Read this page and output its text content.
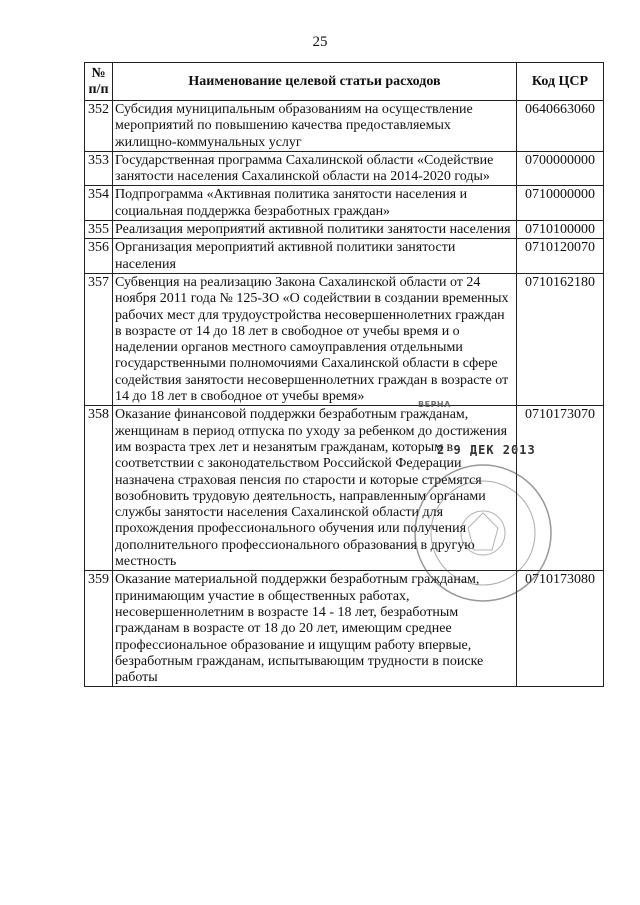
25
№ п/п	Наименование целевой статьи расходов	Код ЦСР
352	Субсидия муниципальным образованиям на осуществление мероприятий по повышению качества предоставляемых жилищно-коммунальных услуг	0640663060
353	Государственная программа Сахалинской области «Содействие занятости населения Сахалинской области на 2014-2020 годы»	0700000000
354	Подпрограмма «Активная политика занятости населения и социальная поддержка безработных граждан»	0710000000
355	Реализация мероприятий активной политики занятости населения	0710100000
356	Организация мероприятий активной политики занятости населения	0710120070
357	Субвенция на реализацию Закона Сахалинской области от 24 ноября 2011 года № 125-ЗО «О содействии в создании временных рабочих мест для трудоустройства несовершеннолетних граждан в возрасте от 14 до 18 лет в свободное от учебы время и о наделении органов местного самоуправления отдельными государственными полномочиями Сахалинской области в сфере содействия занятости несовершеннолетних граждан в возрасте от 14 до 18 лет в свободное от учебы время»	0710162180
358	Оказание финансовой поддержки безработным гражданам, женщинам в период отпуска по уходу за ребенком до достижения им возраста трех лет и незанятым гражданам, которым в соответствии с законодательством Российской Федерации назначена страховая пенсия по старости и которые стремятся возобновить трудовую деятельность, направленным органами службы занятости населения Сахалинской области для прохождения профессионального обучения или получения дополнительного профессионального образования в другую местность	0710173070
359	Оказание материальной поддержки безработным гражданам, принимающим участие в общественных работах, несовершеннолетним в возрасте 14 - 18 лет, безработным гражданам в возрасте от 18 до 20 лет, имеющим среднее профессиональное образование и ищущим работу впервые, безработным гражданам, испытывающим трудности в поиске работы	0710173080
ВЕРНА
2 9 ДЕК 2013
